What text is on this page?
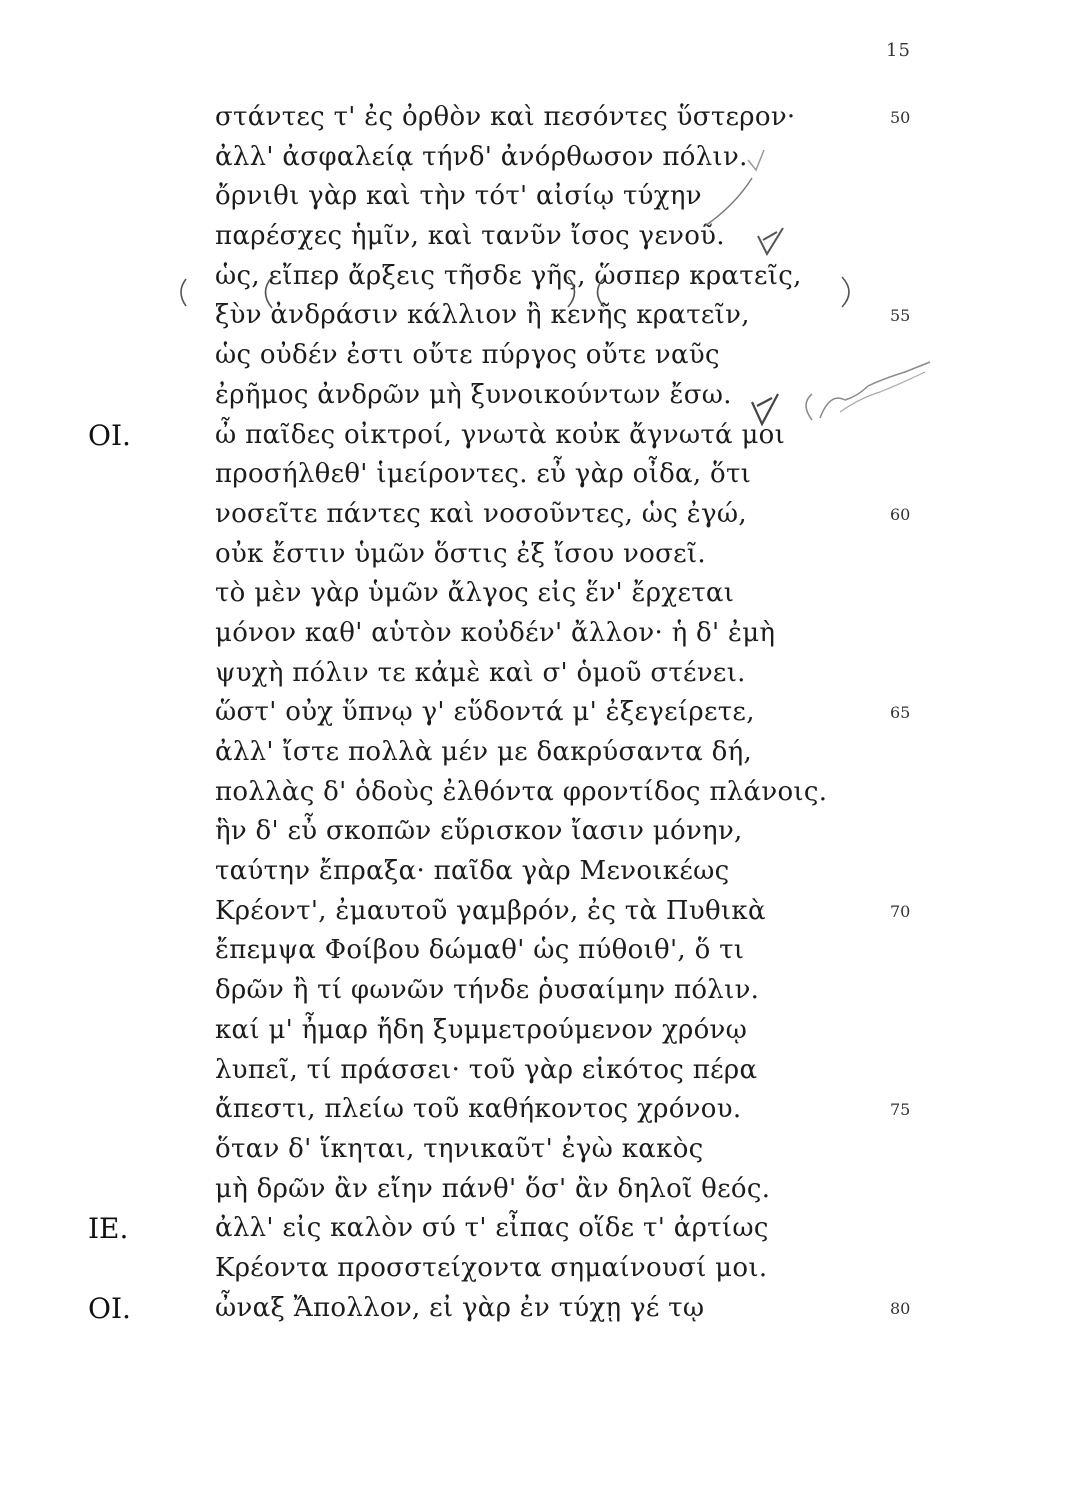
15
στάντες τ' ἐς ὀρθὸν καὶ πεσόντες ὕστερον·	50
ἀλλ' ἀσφαλείᾳ τήνδ' ἀνόρθωσον πόλιν.
ὄρνιθι γὰρ καὶ τὴν τότ' αἰσίῳ τύχην
παρέσχες ἡμῖν, καὶ τανῦν ἴσος γενοῦ.
ὡς, εἴπερ ἄρξεις τῆσδε γῆς, ὥσπερ κρατεῖς,
ξὺν ἀνδράσιν κάλλιον ἢ κενῆς κρατεῖν,	55
ὡς οὐδέν ἐστι οὔτε πύργος οὔτε ναῦς
ἐρῆμος ἀνδρῶν μὴ ξυνοικούντων ἔσω.
ΟΙ.	ὦ παῖδες οἰκτροί, γνωτὰ κοὐκ ἄγνωτά μοι
προσήλθεθ' ἱμείροντες. εὖ γὰρ οἶδα, ὅτι
νοσεῖτε πάντες καὶ νοσοῦντες, ὡς ἐγώ,	60
οὐκ ἔστιν ὑμῶν ὅστις ἐξ ἴσου νοσεῖ.
τὸ μὲν γὰρ ὑμῶν ἄλγος εἰς ἕν' ἔρχεται
μόνον καθ' αὑτὸν κοὐδέν' ἄλλον· ἡ δ' ἐμὴ
ψυχὴ πόλιν τε κἀμὲ καὶ σ' ὁμοῦ στένει.
ὥστ' οὐχ ὕπνῳ γ' εὕδοντά μ' ἐξεγείρετε,	65
ἀλλ' ἴστε πολλὰ μέν με δακρύσαντα δή,
πολλὰς δ' ὁδοὺς ἐλθόντα φροντίδος πλάνοις.
ἣν δ' εὖ σκοπῶν εὕρισκον ἴασιν μόνην,
ταύτην ἔπραξα· παῖδα γὰρ Μενοικέως
Κρέοντ', ἐμαυτοῦ γαμβρόν, ἐς τὰ Πυθικὰ	70
ἔπεμψα Φοίβου δώμαθ' ὡς πύθοιθ', ὅ τι
δρῶν ἢ τί φωνῶν τήνδε ῥυσαίμην πόλιν.
καί μ' ἦμαρ ἤδη ξυμμετρούμενον χρόνῳ
λυπεῖ, τί πράσσει· τοῦ γὰρ εἰκότος πέρα
ἄπεστι, πλείω τοῦ καθήκοντος χρόνου.	75
ὅταν δ' ἵκηται, τηνικαῦτ' ἐγὼ κακὸς
μὴ δρῶν ἂν εἴην πάνθ' ὅσ' ἂν δηλοῖ θεός.
ΙΕ.	ἀλλ' εἰς καλὸν σύ τ' εἶπας οἵδε τ' ἀρτίως
Κρέοντα προσστείχοντα σημαίνουσί μοι.
ΟΙ.	ὦναξ Ἄπολλον, εἰ γὰρ ἐν τύχῃ γέ τῳ	80
